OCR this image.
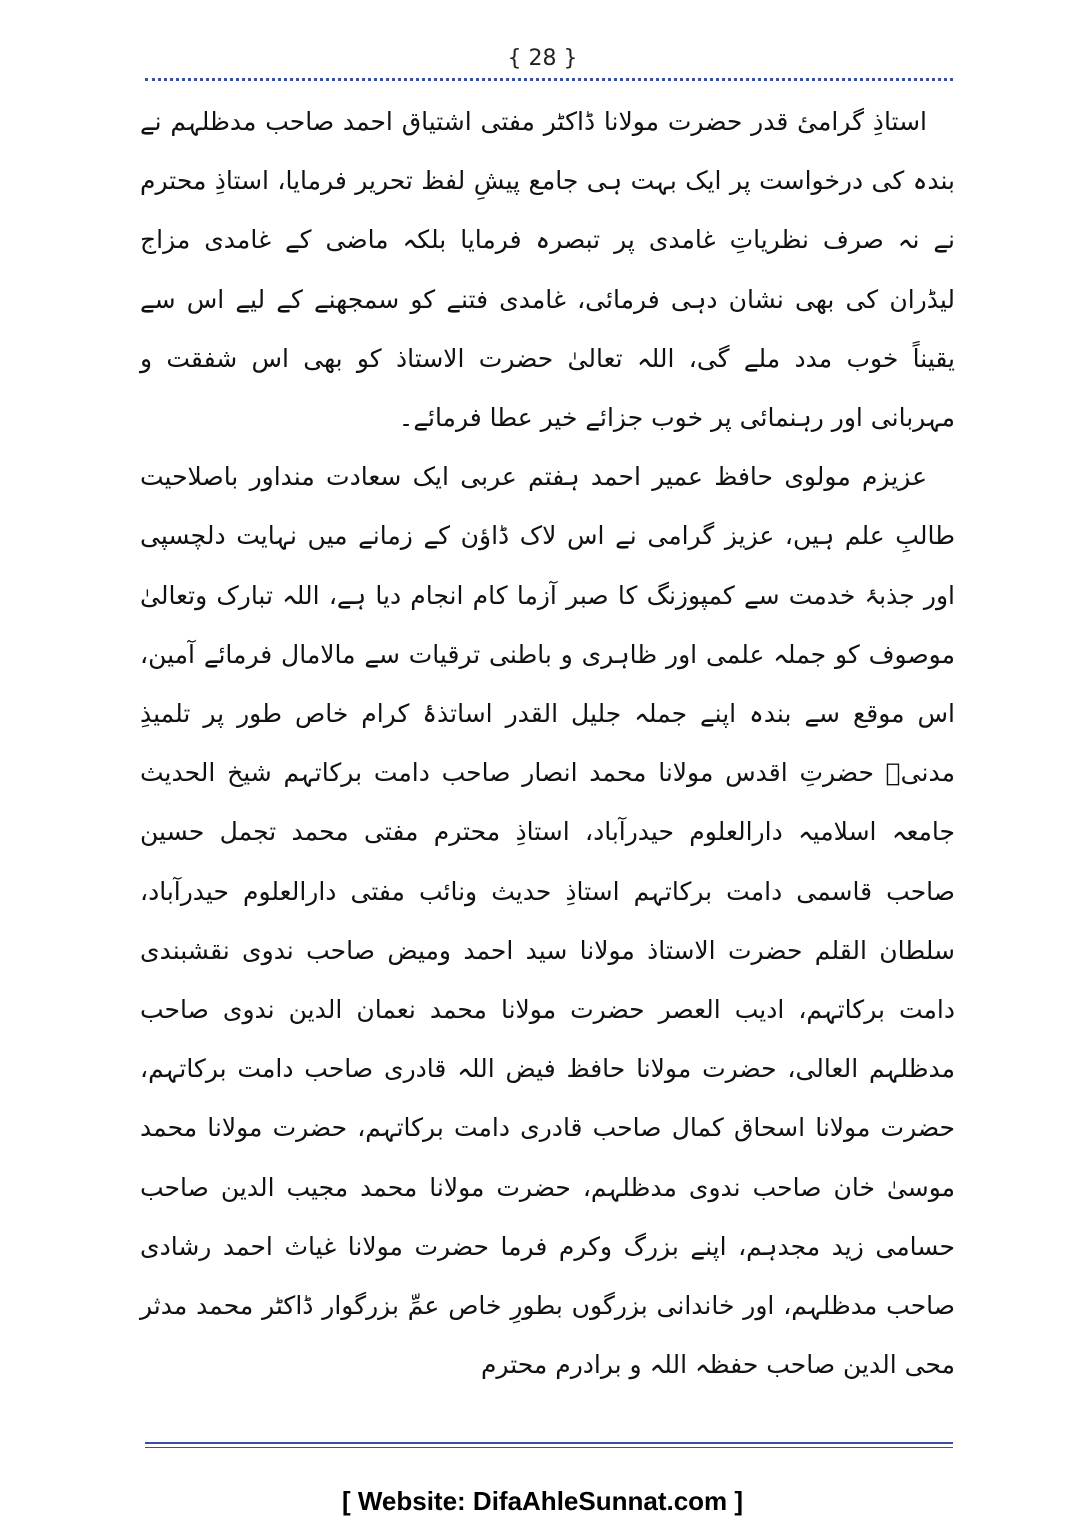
{ 28 }

استاذِ گرامیٔ قدر حضرت مولانا ڈاکٹر مفتی اشتیاق احمد صاحب مدظلہم نے بندہ کی درخواست پر ایک بہت ہی جامع پیشِ لفظ تحریر فرمایا، استاذِ محترم نے نہ صرف نظریاتِ غامدی پر تبصرہ فرمایا بلکہ ماضی کے غامدی مزاج لیڈران کی بھی نشان دہی فرمائی، غامدی فتنے کو سمجھنے کے لیے اس سے یقیناً خوب مدد ملے گی، اللہ تعالیٰ حضرت الاستاذ کو بھی اس شفقت و مہربانی اور رہنمائی پر خوب جزائے خیر عطا فرمائے۔

عزیزم مولوی حافظ عمیر احمد ہفتم عربی ایک سعادت منداور باصلاحیت طالبِ علم ہیں، عزیز گرامی نے اس لاک ڈاؤن کے زمانے میں نہایت دلچسپی اور جذبۂ خدمت سے کمپوزنگ کا صبر آزما کام انجام دیا ہے، اللہ تبارک وتعالیٰ موصوف کو جملہ علمی اور ظاہری و باطنی ترقیات سے مالامال فرمائے آمین، اس موقع سے بندہ اپنے جملہ جلیل القدر اساتذۂ کرام خاص طور پر تلمیذِ مدنیؒ حضرتِ اقدس مولانا محمد انصار صاحب دامت برکاتہم شیخ الحدیث جامعہ اسلامیہ دارالعلوم حیدرآباد، استاذِ محترم مفتی محمد تجمل حسین صاحب قاسمی دامت برکاتہم استاذِ حدیث ونائب مفتی دارالعلوم حیدرآباد، سلطان القلم حضرت الاستاذ مولانا سید احمد ومیض صاحب ندوی نقشبندی دامت برکاتہم، ادیب العصر حضرت مولانا محمد نعمان الدین ندوی صاحب مدظلہم العالی، حضرت مولانا حافظ فیض اللہ قادری صاحب دامت برکاتہم، حضرت مولانا اسحاق کمال صاحب قادری دامت برکاتہم، حضرت مولانا محمد موسیٰ خان صاحب ندوی مدظلہم، حضرت مولانا محمد مجیب الدین صاحب حسامی زید مجدہم، اپنے بزرگ وکرم فرما حضرت مولانا غیاث احمد رشادی صاحب مدظلہم، اور خاندانی بزرگوں بطورِ خاص عمِّ بزرگوار ڈاکٹر محمد مدثر محی الدین صاحب حفظہ اللہ و برادرم محترم

[ Website: DifaAhleSunnat.com ]
